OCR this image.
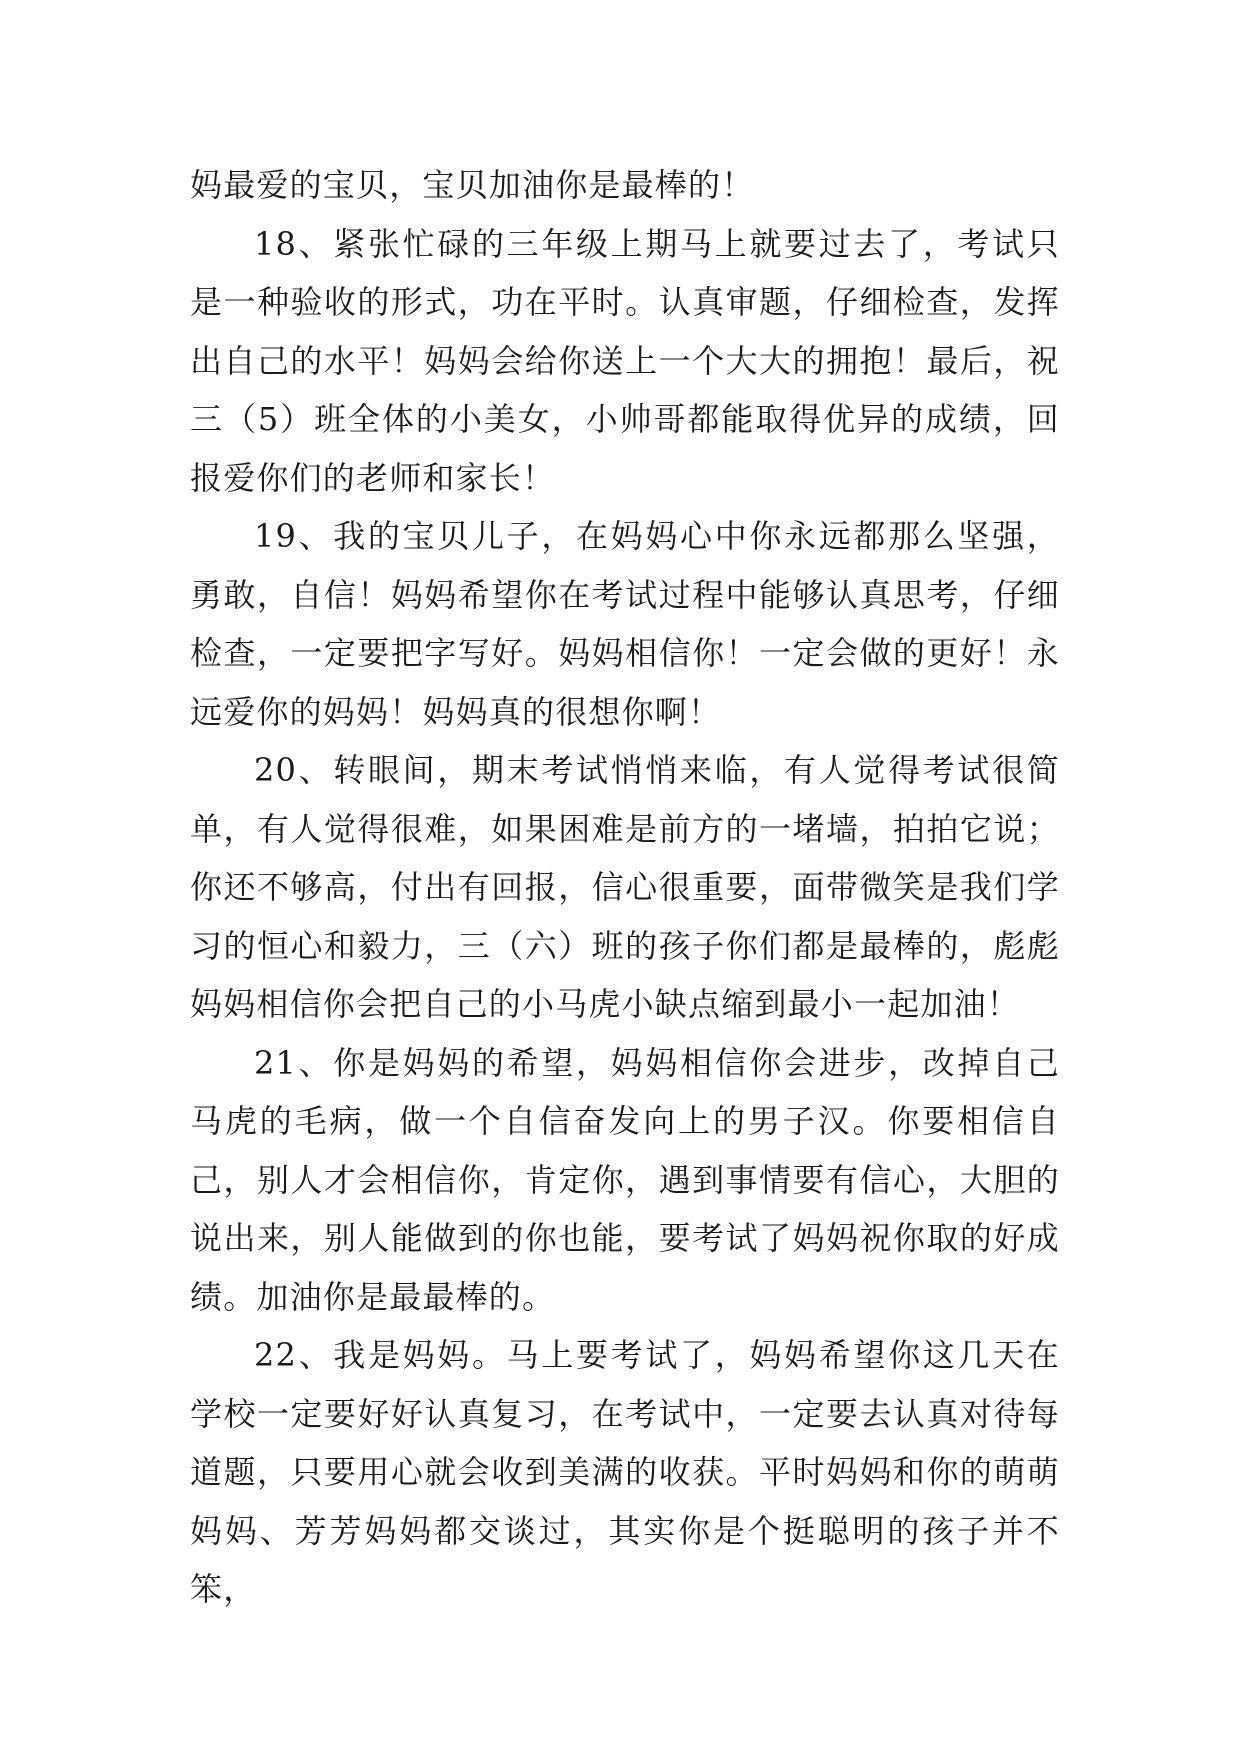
妈最爱的宝贝，宝贝加油你是最棒的！

18、紧张忙碌的三年级上期马上就要过去了，考试只是一种验收的形式，功在平时。认真审题，仔细检查，发挥出自己的水平！妈妈会给你送上一个大大的拥抱！最后，祝三（5）班全体的小美女，小帅哥都能取得优异的成绩，回报爱你们的老师和家长！

19、我的宝贝儿子，在妈妈心中你永远都那么坚强，勇敢，自信！妈妈希望你在考试过程中能够认真思考，仔细检查，一定要把字写好。妈妈相信你！一定会做的更好！永远爱你的妈妈！妈妈真的很想你啊！

20、转眼间，期末考试悄悄来临，有人觉得考试很简单，有人觉得很难，如果困难是前方的一堵墙，拍拍它说；你还不够高，付出有回报，信心很重要，面带微笑是我们学习的恒心和毅力，三（六）班的孩子你们都是最棒的，彪彪妈妈相信你会把自己的小马虎小缺点缩到最小一起加油！

21、你是妈妈的希望，妈妈相信你会进步，改掉自己马虎的毛病，做一个自信奋发向上的男子汉。你要相信自己，别人才会相信你，肯定你，遇到事情要有信心，大胆的说出来，别人能做到的你也能，要考试了妈妈祝你取的好成绩。加油你是最最棒的。

22、我是妈妈。马上要考试了，妈妈希望你这几天在学校一定要好好认真复习，在考试中，一定要去认真对待每道题，只要用心就会收到美满的收获。平时妈妈和你的萌萌妈妈、芳芳妈妈都交谈过，其实你是个挺聪明的孩子并不笨，
